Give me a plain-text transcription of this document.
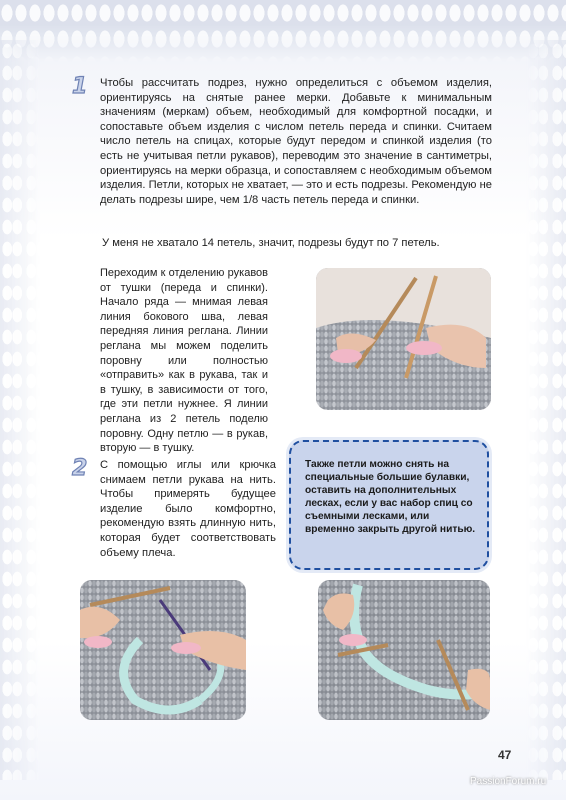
1 Чтобы рассчитать подрез, нужно определиться с объемом изделия, ориентируясь на снятые ранее мерки. Добавьте к минимальным значениям (меркам) объем, необходимый для комфортной посадки, и сопоставьте объем изделия с числом петель переда и спинки. Считаем число петель на спицах, которые будут передом и спинкой изделия (то есть не учитывая петли рукавов), переводим это значение в сантиметры, ориентируясь на мерки образца, и сопоставляем с необходимым объемом изделия. Петли, которых не хватает, — это и есть подрезы. Рекомендую не делать подрезы шире, чем 1/8 часть петель переда и спинки.
У меня не хватало 14 петель, значит, подрезы будут по 7 петель.
Переходим к отделению рукавов от тушки (переда и спинки). Начало ряда — мнимая левая линия бокового шва, левая передняя линия реглана. Линии реглана мы можем поделить поровну или полностью «отправить» как в рукава, так и в тушку, в зависимости от того, где эти петли нужнее. Я линии реглана из 2 петель поделю поровну. Одну петлю — в рукав, вторую — в тушку.
2 С помощью иглы или крючка снимаем петли рукава на нить. Чтобы примерять будущее изделие было комфортно, рекомендую взять длинную нить, которая будет соответствовать объему плеча.
Также петли можно снять на специальные большие булавки, оставить на дополнительных лесках, если у вас набор спиц со съемными лесками, или временно закрыть другой нитью.
47
PassionForum.ru
